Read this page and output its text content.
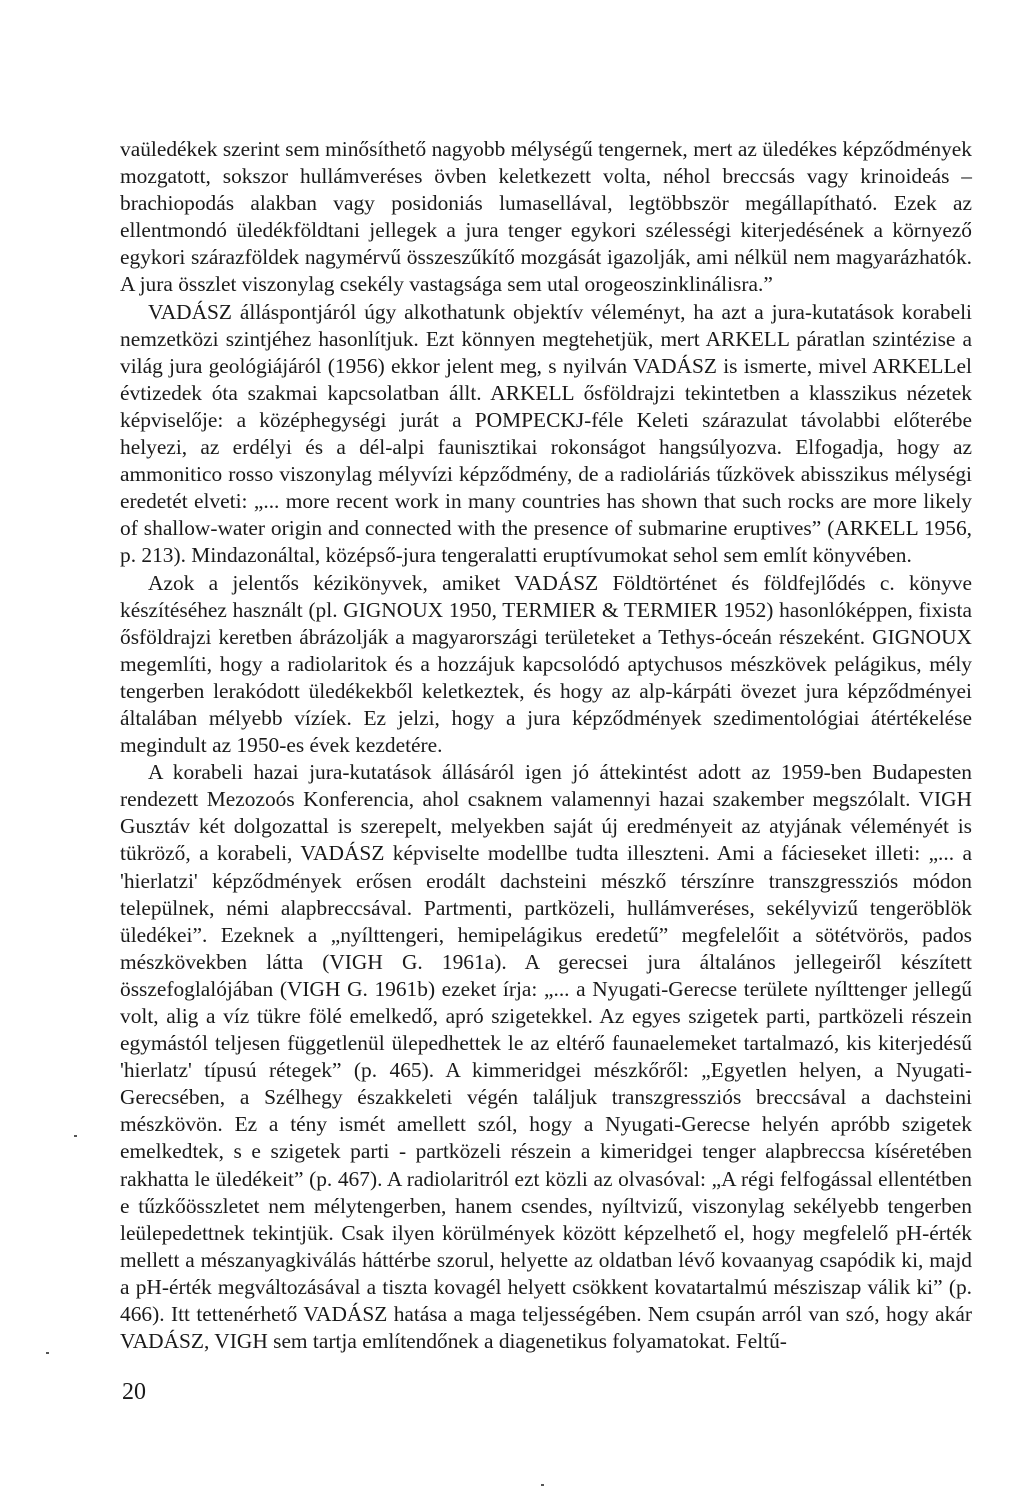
vaüledékek szerint sem minősíthető nagyobb mélységű tengernek, mert az üledékes képződmények mozgatott, sokszor hullámveréses övben keletkezett volta, néhol breccsás vagy krinoideás – brachiopodás alakban vagy posidoniás lumasellával, legtöbbször megállapítható. Ezek az ellentmondó üledékföldtani jellegek a jura tenger egykori szélességi kiterjedésének a környező egykori szárazföldek nagymérvű összeszűkítő mozgását igazolják, ami nélkül nem magyarázhatók. A jura összlet viszonylag csekély vastagsága sem utal orogeoszinklinálisra.”

VADÁSZ álláspontjáról úgy alkothatunk objektív véleményt, ha azt a jura-kutatások korabeli nemzetközi szintjéhez hasonlítjuk. Ezt könnyen megtehetjük, mert ARKELL páratlan szintézise a világ jura geológiájáról (1956) ekkor jelent meg, s nyilván VADÁSZ is ismerte, mivel ARKELLel évtizedek óta szakmai kapcsolatban állt. ARKELL ősföldrajzi tekintetben a klasszikus nézetek képviselője: a középhegységi jurát a POMPECKJ-féle Keleti szárazulat távolabbi előterébe helyezi, az erdélyi és a dél-alpi faunisztikai rokonságot hangsúlyozva. Elfogadja, hogy az ammonitico rosso viszonylag mélyvízi képződmény, de a radioláriás tűzkövek abisszikus mélységi eredetét elveti: „... more recent work in many countries has shown that such rocks are more likely of shallow-water origin and connected with the presence of submarine eruptives” (ARKELL 1956, p. 213). Mindazonáltal, középső-jura tengeralatti eruptívumokat sehol sem említ könyvében.

Azok a jelentős kézikönyvek, amiket VADÁSZ Földtörténet és földfejlődés c. könyve készítéséhez használt (pl. GIGNOUX 1950, TERMIER & TERMIER 1952) hasonlóképpen, fixista ősföldrajzi keretben ábrázolják a magyarországi területeket a Tethys-óceán részeként. GIGNOUX megemlíti, hogy a radiolaritok és a hozzájuk kapcsolódó aptychusos mészkövek pelágikus, mély tengerben lerakódott üledékekből keletkeztek, és hogy az alp-kárpáti övezet jura képződményei általában mélyebb vízíek. Ez jelzi, hogy a jura képződmények szedimentológiai átértékelése megindult az 1950-es évek kezdetére.

A korabeli hazai jura-kutatások állásáról igen jó áttekintést adott az 1959-ben Budapesten rendezett Mezozoós Konferencia, ahol csaknem valamennyi hazai szakember megszólalt. VIGH Gusztáv két dolgozattal is szerepelt, melyekben saját új eredményeit az atyjának véleményét is tükröző, a korabeli, VADÁSZ képviselte modellbe tudta illeszteni. Ami a fácieseket illeti: „... a 'hierlatzi' képződmények erősen erodált dachsteini mészkő térszínre transzgressziós módon települnek, némi alapbreccsával. Partmenti, partközeli, hullámveréses, sekélyvizű tengeröblök üledékei”. Ezeknek a „nyílttengeri, hemipelágikus eredetű” megfelelőit a sötétvörös, pados mészkövekben látta (VIGH G. 1961a). A gerecsei jura általános jellegeiről készített összefoglalójában (VIGH G. 1961b) ezeket írja: „... a Nyugati-Gerecse területe nyílttenger jellegű volt, alig a víz tükre fölé emelkedő, apró szigetekkel. Az egyes szigetek parti, partközeli részein egymástól teljesen függetlenül ülepedhettek le az eltérő faunaelemeket tartalmazó, kis kiterjedésű 'hierlatz' típusú rétegek” (p. 465). A kimmeridgei mészkőről: „Egyetlen helyen, a Nyugati-Gerecsében, a Szélhegy északkeleti végén találjuk transzgressziós breccsával a dachsteini mészkövön. Ez a tény ismét amellett szól, hogy a Nyugati-Gerecse helyén apróbb szigetek emelkedtek, s e szigetek parti - partközeli részein a kimeridgei tenger alapbreccsa kíséretében rakhatta le üledékeit” (p. 467). A radiolaritról ezt közli az olvasóval: „A régi felfogással ellentétben e tűzkőösszletet nem mélytengerben, hanem csendes, nyíltvizű, viszonylag sekélyebb tengerben leülepedettnek tekintjük. Csak ilyen körülmények között képzelhető el, hogy megfelelő pH-érték mellett a mészanyagkiválás háttérbe szorul, helyette az oldatban lévő kovaanyag csapódik ki, majd a pH-érték megváltozásával a tiszta kovagél helyett csökkent kovatartalmú mésziszap válik ki” (p. 466). Itt tettenérhető VADÁSZ hatása a maga teljességében. Nem csupán arról van szó, hogy akár VADÁSZ, VIGH sem tartja említendőnek a diagenetikus folyamatokat. Feltű-

20
